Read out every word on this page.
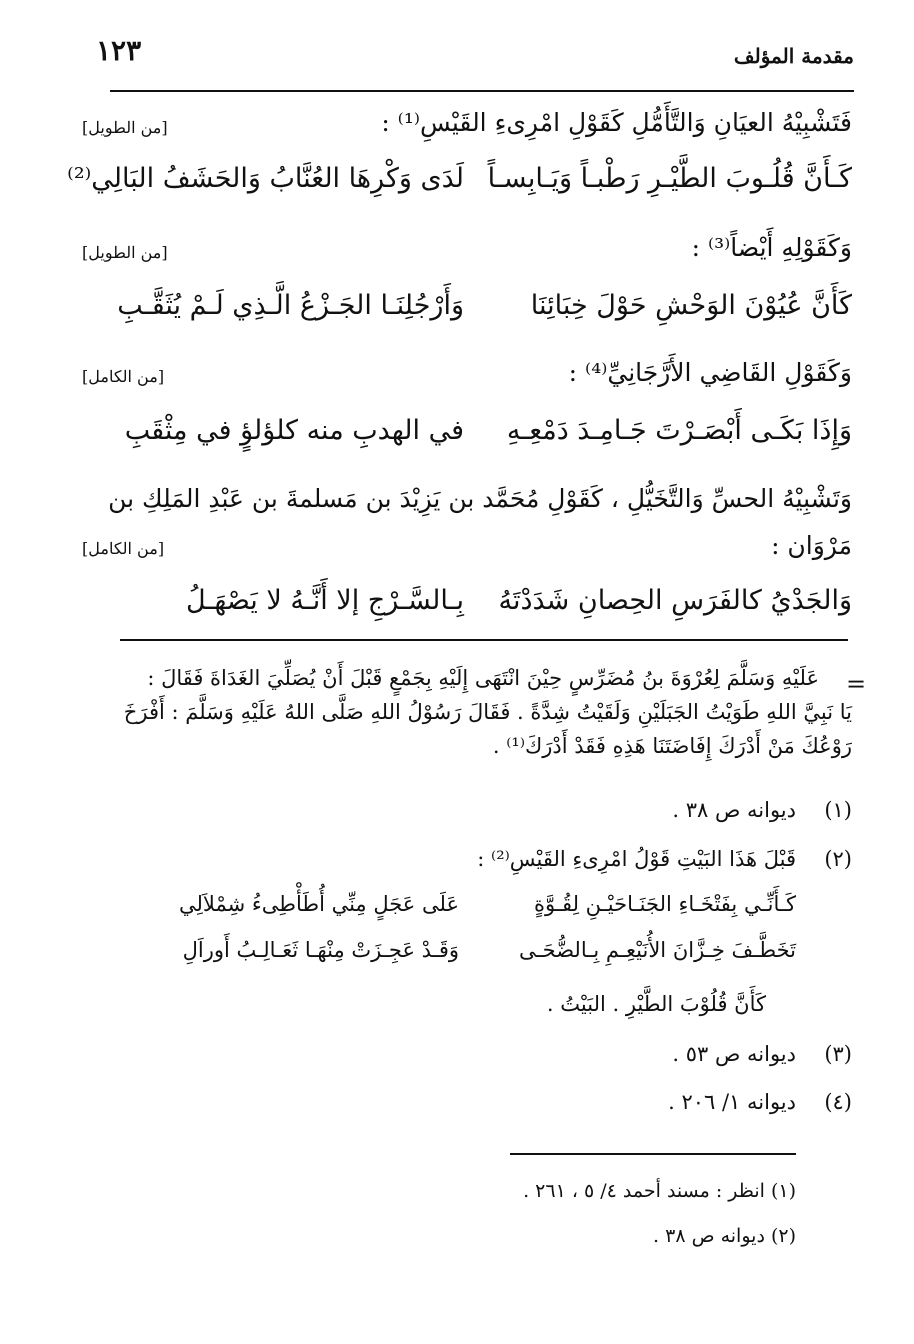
مقدمة المؤلف
١٢٣
فَتَشْبِيْهُ العيَانِ وَالتَّأَمُّلِ كَقَوْلِ امْرِىءِ القَيْسِ⁽¹⁾ :
[من الطويل]
كَـأَنَّ قُلُـوبَ الطَّيْـرِ رَطْبـاً وَيَـابِسـاً
لَدَى وَكْرِهَا العُنَّابُ وَالحَشَفُ البَالِي⁽²⁾
وَكَقَوْلِهِ أَيْضاً⁽³⁾ :
[من الطويل]
كَأَنَّ عُيُوْنَ الوَحْشِ حَوْلَ خِبَائِنَا
وَأَرْجُلِنَـا الجَـزْعُ الَّـذِي لَـمْ يُثَقَّـبِ
وَكَقَوْلِ القَاضِي الأَرَّجَانِيِّ⁽⁴⁾ :
[من الكامل]
وَإِذَا بَكَـى أَبْصَـرْتَ جَـامِـدَ دَمْعِـهِ
في الهدبِ منه كلؤلؤٍ في مِثْقَبِ
وَتَشْبِيْهُ الحسِّ وَالتَّخَيُّلِ ، كَقَوْلِ مُحَمَّد بن يَزِيْدَ بن مَسلمةَ بن عَبْدِ المَلِكِ بن
مَرْوَان :
[من الكامل]
وَالجَدْيُ كالفَرَسِ الحِصانِ شَدَدْتَهُ
بِـالسَّـرْجِ إلا أَنَّـهُ لا يَصْهَـلُ
=
عَلَيْهِ وَسَلَّمَ لِعُرْوَةَ بنُ مُضَرِّسٍ حِيْنَ انْتَهَى إِلَيْهِ بِجَمْعٍ قَبْلَ أَنْ يُصَلِّيَ الغَدَاةَ فَقَالَ :
يَا نَبِيَّ اللهِ طَوَيْتُ الجَبَلَيْنِ وَلَقَيْتُ شِدَّةً . فَقَالَ رَسُوْلُ اللهِ صَلَّى اللهُ عَلَيْهِ وَسَلَّمَ : أَفْرَخَ
رَوْعُكَ مَنْ أَدْرَكَ إِفَاضَتَنَا هَذِهِ فَقَدْ أَدْرَكَ⁽¹⁾ .
(١)
ديوانه ص ٣٨ .
(٢)
قَبْلَ هَذَا البَيْتِ قَوْلُ امْرِىءِ القَيْسِ⁽²⁾ :
كَـأَنِّـي بِفَتْخَـاءِ الجَنَـاحَيْـنِ لِقُـوَّةٍ
عَلَى عَجَلٍ مِنِّي أُطَأْطِىءُ شِمْلاَلِي
تَخَطَّـفَ خِـزَّانَ الأُنَيْعِـمِ بِـالضُّحَـى
وَقَـدْ عَجِـزَتْ مِنْهَـا ثَعَـالِـبُ أَوراَلِ
كَأَنَّ قُلُوْبَ الطَّيْرِ . البَيْتُ .
(٣)
ديوانه ص ٥٣ .
(٤)
ديوانه ١/ ٢٠٦ .
(١) انظر : مسند أحمد ٤/ ٥ ، ٢٦١ .
(٢) ديوانه ص ٣٨ .
